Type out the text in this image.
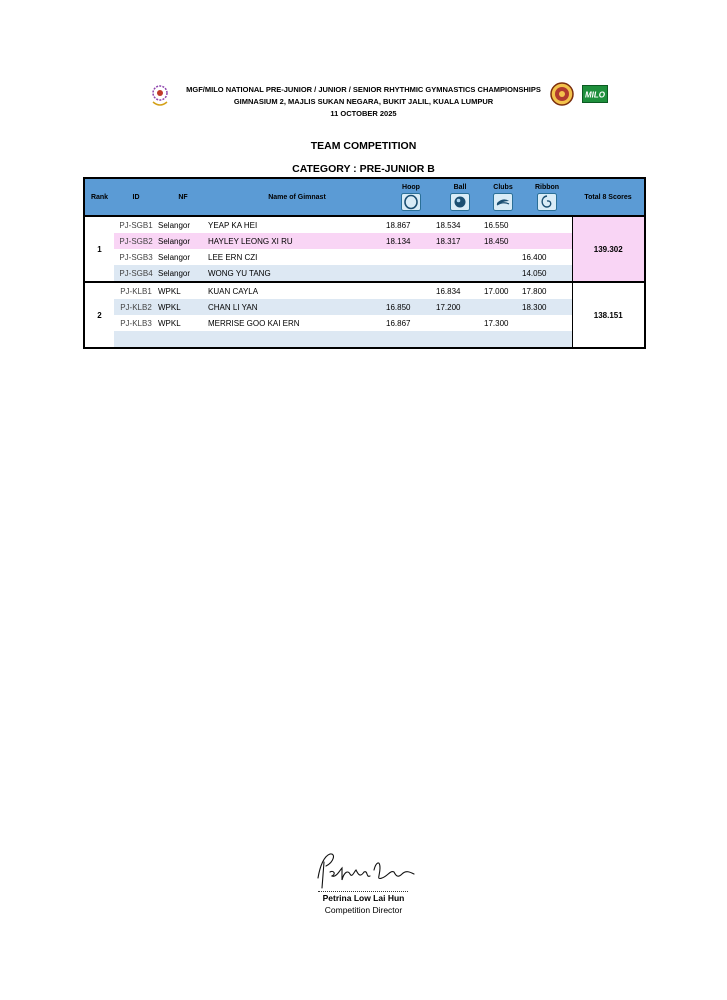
MILO
MGF/MILO NATIONAL PRE-JUNIOR / JUNIOR / SENIOR RHYTHMIC GYMNASTICS CHAMPIONSHIPS
GIMNASIUM 2, MAJLIS SUKAN NEGARA, BUKIT JALIL, KUALA LUMPUR
11 OCTOBER 2025
TEAM COMPETITION
CATEGORY : PRE-JUNIOR B
Rank	ID	NF	Name of Gimnast	Hoop	Ball	Clubs	Ribbon	Total 8 Scores
1	PJ-SGB1	Selangor	YEAP KA HEI	18.867	18.534	16.550		139.302
	PJ-SGB2	Selangor	HAYLEY LEONG XI RU	18.134	18.317	18.450		
	PJ-SGB3	Selangor	LEE ERN CZI				16.400	
	PJ-SGB4	Selangor	WONG YU TANG				14.050	
2	PJ-KLB1	WPKL	KUAN CAYLA		16.834	17.000	17.800	138.151
	PJ-KLB2	WPKL	CHAN LI YAN	16.850	17.200		18.300	
	PJ-KLB3	WPKL	MERRISE GOO KAI ERN	16.867		17.300		

Petrina Low Lai Hun
Competition Director
